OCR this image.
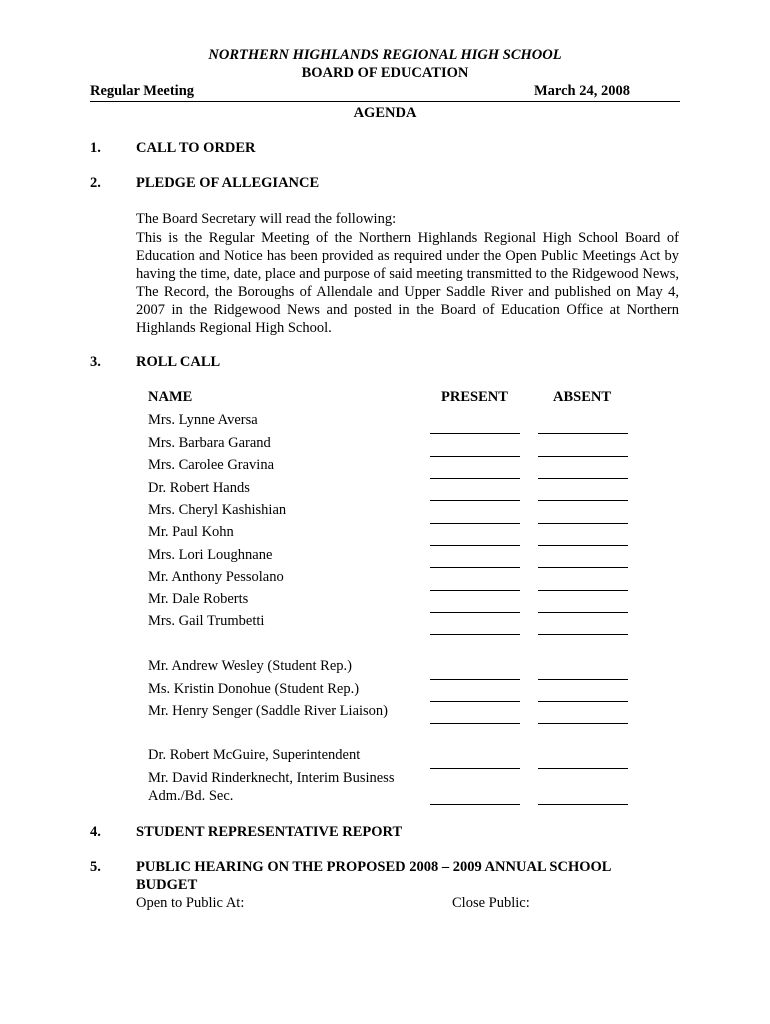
NORTHERN HIGHLANDS REGIONAL HIGH SCHOOL
BOARD OF EDUCATION
Regular Meeting	March 24, 2008
AGENDA
1. CALL TO ORDER
2. PLEDGE OF ALLEGIANCE
The Board Secretary will read the following:
This is the Regular Meeting of the Northern Highlands Regional High School Board of Education and Notice has been provided as required under the Open Public Meetings Act by having the time, date, place and purpose of said meeting transmitted to the Ridgewood News, The Record, the Boroughs of Allendale and Upper Saddle River and published on May 4, 2007 in the Ridgewood News and posted in the Board of Education Office at Northern Highlands Regional High School.
3. ROLL CALL
NAME	PRESENT	ABSENT
Mrs. Lynne Aversa
Mrs. Barbara Garand
Mrs. Carolee Gravina
Dr. Robert Hands
Mrs. Cheryl Kashishian
Mr. Paul Kohn
Mrs. Lori Loughnane
Mr. Anthony Pessolano
Mr. Dale Roberts
Mrs. Gail Trumbetti
Mr. Andrew Wesley (Student Rep.)
Ms. Kristin Donohue (Student Rep.)
Mr. Henry Senger (Saddle River Liaison)
Dr. Robert McGuire, Superintendent
Mr. David Rinderknecht, Interim Business
Adm./Bd. Sec.
4. STUDENT REPRESENTATIVE REPORT
5. PUBLIC HEARING ON THE PROPOSED 2008 – 2009 ANNUAL SCHOOL
BUDGET
Open to Public At:	Close Public:
